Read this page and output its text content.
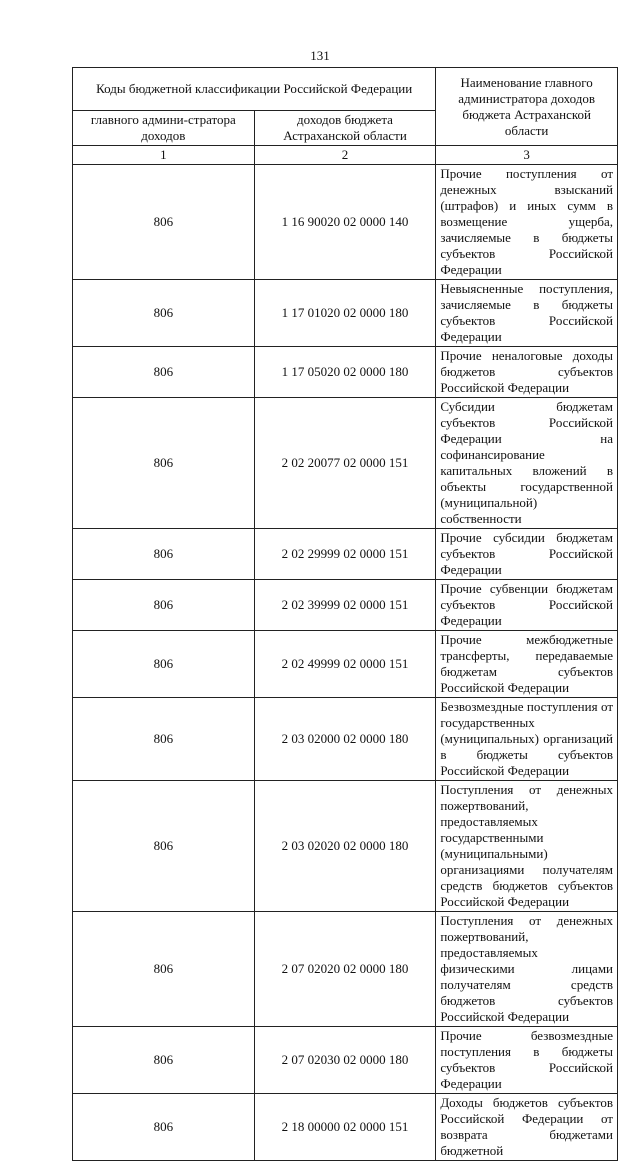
131
Коды бюджетной классификации Российской Федерации		Наименование главного администратора доходов бюджета Астраханской области
главного админи-стратора доходов	доходов бюджета Астраханской области	
1	2	3
806	1 16 90020 02 0000 140	Прочие поступления от денежных взысканий (штрафов) и иных сумм в возмещение ущерба, зачисляемые в бюджеты субъектов Российской Федерации
806	1 17 01020 02 0000 180	Невыясненные поступления, зачисляемые в бюджеты субъектов Российской Федерации
806	1 17 05020 02 0000 180	Прочие неналоговые доходы бюджетов субъектов Российской Федерации
806	2 02 20077 02 0000 151	Субсидии бюджетам субъектов Российской Федерации на софинансирование капитальных вложений в объекты государственной (муниципальной) собственности
806	2 02 29999 02 0000 151	Прочие субсидии бюджетам субъектов Российской Федерации
806	2 02 39999 02 0000 151	Прочие субвенции бюджетам субъектов Российской Федерации
806	2 02 49999 02 0000 151	Прочие межбюджетные трансферты, передаваемые бюджетам субъектов Российской Федерации
806	2 03 02000 02 0000 180	Безвозмездные поступления от государственных (муниципальных) организаций в бюджеты субъектов Российской Федерации
806	2 03 02020 02 0000 180	Поступления от денежных пожертвований, предоставляемых государственными (муниципальными) организациями получателям средств бюджетов субъектов Российской Федерации
806	2 07 02020 02 0000 180	Поступления от денежных пожертвований, предоставляемых физическими лицами получателям средств бюджетов субъектов Российской Федерации
806	2 07 02030 02 0000 180	Прочие безвозмездные поступления в бюджеты субъектов Российской Федерации
806	2 18 00000 02 0000 151	Доходы бюджетов субъектов Российской Федерации от возврата бюджетами бюджетной
